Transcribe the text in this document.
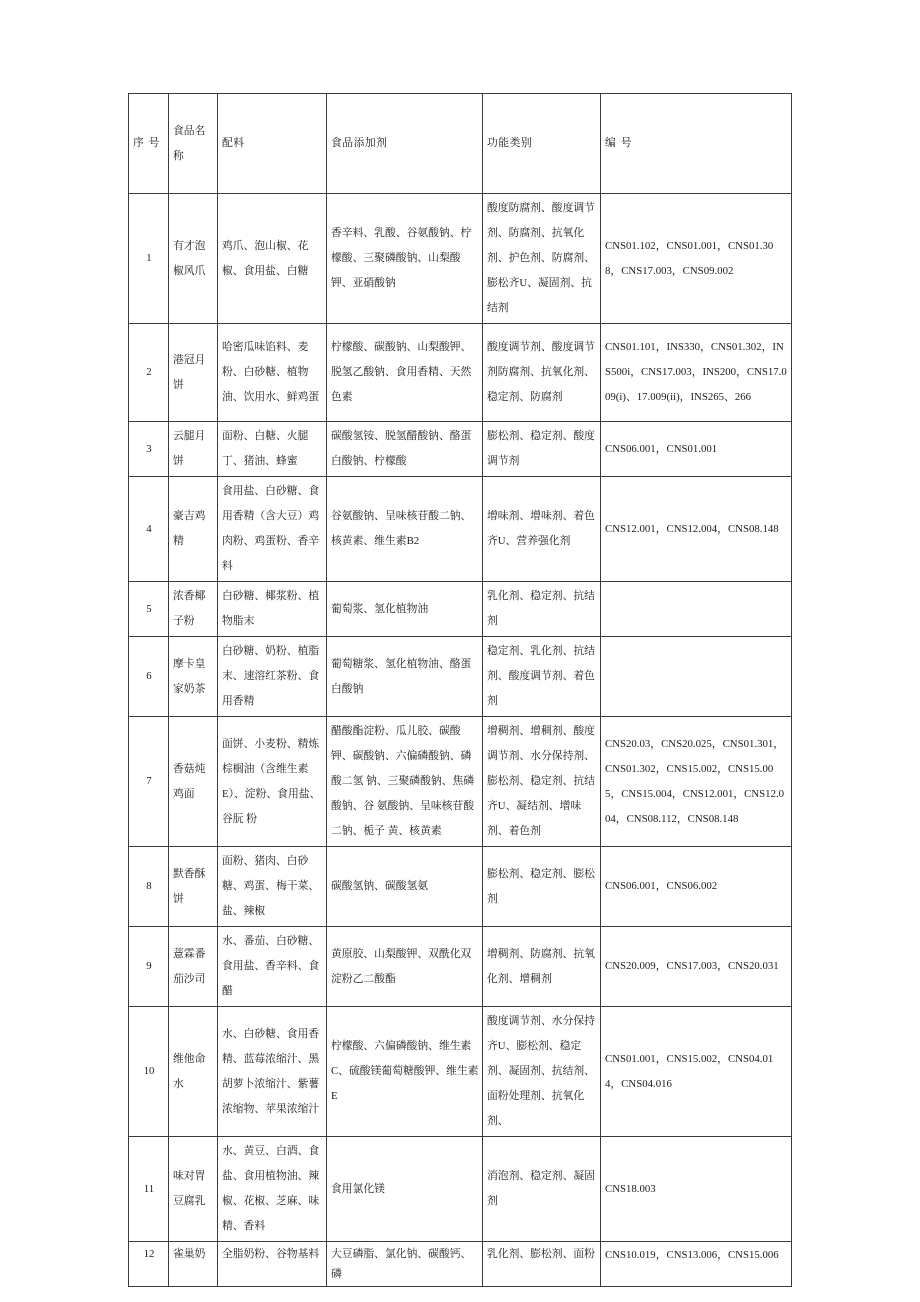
序 号	食品名称	配料	食品添加剂	功能类别	编号
1	有才泡椒风爪	鸡爪、泡山椒、花椒、食用盐、白糖	香辛料、乳酸、谷氨酸钠、柠檬酸、三聚磷酸钠、山梨酸钾、亚硝酸钠	酸度防腐剂、酸度调节剂、防腐剂、抗氧化剂、护色剂、防腐剂、膨松齐U、凝固剂、抗结剂	CNS01.102，CNS01.001，CNS01.308，CNS17.003，CNS09.002
2	港冠月饼	哈密瓜味馅料、麦粉、白砂糖、植物油、饮用水、鲜鸡蛋	柠檬酸、碳酸钠、山梨酸钾、脱氢乙酸钠、食用香精、天然色素	酸度调节剂、酸度调节剂防腐剂、抗氧化剂、稳定剂、防腐剂	CNS01.101，INS330，CNS01.302，INS500i，CNS17.003，INS200，CNS17.009(i)、17.009(ii)，INS265、266
3	云腿月饼	面粉、白糖、火腿丁、猪油、蜂蜜	碳酸氢铵、脱氢醋酸钠、酪蛋白酸钠、柠檬酸	膨松剂、稳定剂、酸度调节剂	CNS06.001，CNS01.001
4	豪吉鸡精	食用盐、白砂糖、食用香精（含大豆）鸡肉粉、鸡蛋粉、香辛料	谷氨酸钠、呈味核苷酸二钠、核黄素、维生素B2	增味剂、增味剂、着色齐U、营养强化剂	CNS12.001，CNS12.004，CNS08.148
5	浓香椰子粉	白砂糖、椰浆粉、植物脂末	葡萄浆、氢化植物油	乳化剂、稳定剂、抗结剂	
6	摩卡皇家奶茶	白砂糖、奶粉、植脂末、速溶红茶粉、食用香精	葡萄糖浆、氢化植物油、酪蛋白酸钠	稳定剂、乳化剂、抗结剂、酸度调节剂、着色剂	
7	香菇炖鸡面	面饼、小麦粉、精炼 棕榈油（含维生素E）、淀粉、食用盐、谷朊 粉	醋酸酯淀粉、瓜儿胶、碳酸钾、碳酸钠、六偏磷酸钠、磷酸二氢 钠、三聚磷酸钠、焦磷酸钠、谷 氨酸钠、呈味核苷酸二钠、栀子 黄、核黄素	增稠剂、增稠剂、酸度调节剂、水分保持剂、膨松剂、稳定剂、抗结齐U、凝结剂、增味剂、着色剂	CNS20.03，CNS20.025，CNS01.301，CNS01.302，CNS15.002，CNS15.005，CNS15.004，CNS12.001，CNS12.004，CNS08.112，CNS08.148
8	默香酥饼	面粉、猪肉、白砂糖、鸡蛋、梅干菜、盐、辣椒	碳酸氢钠、碳酸氢氨	膨松剂、稳定剂、膨松剂	CNS06.001，CNS06.002
9	薏霖番茄沙司	水、番茄、白砂糖、食用盐、香辛料、食醋	黄原胶、山梨酸钾、双酰化双淀粉乙二酸酯	增稠剂、防腐剂、抗氧化剂、增稠剂	CNS20.009，CNS17.003，CNS20.031
10	维他命水	水、白砂糖、食用香 精、蓝莓浓缩汁、黑 胡萝卜浓缩汁、紫薯 浓缩物、苹果浓缩汁	柠檬酸、六偏磷酸钠、维生素C、硫酸镁葡萄糖酸钾、维生素E	酸度调节剂、水分保持齐U、膨松剂、稳定剂、凝固剂、抗结剂、面粉处理剂、抗氧化剂、	CNS01.001，CNS15.002，CNS04.014，CNS04.016
11	味对胃豆腐乳	水、黄豆、白酒、食 盐、食用植物油、辣 椒、花椒、芝麻、味 精、香料	食用氯化镁	消泡剂、稳定剂、凝固剂	CNS18.003
12	雀巢奶	全脂奶粉、谷物基料	大豆磷脂、氯化钠、碳酸钙、磷	乳化剂、膨松剂、面粉	CNS10.019，CNS13.006，CNS15.006
